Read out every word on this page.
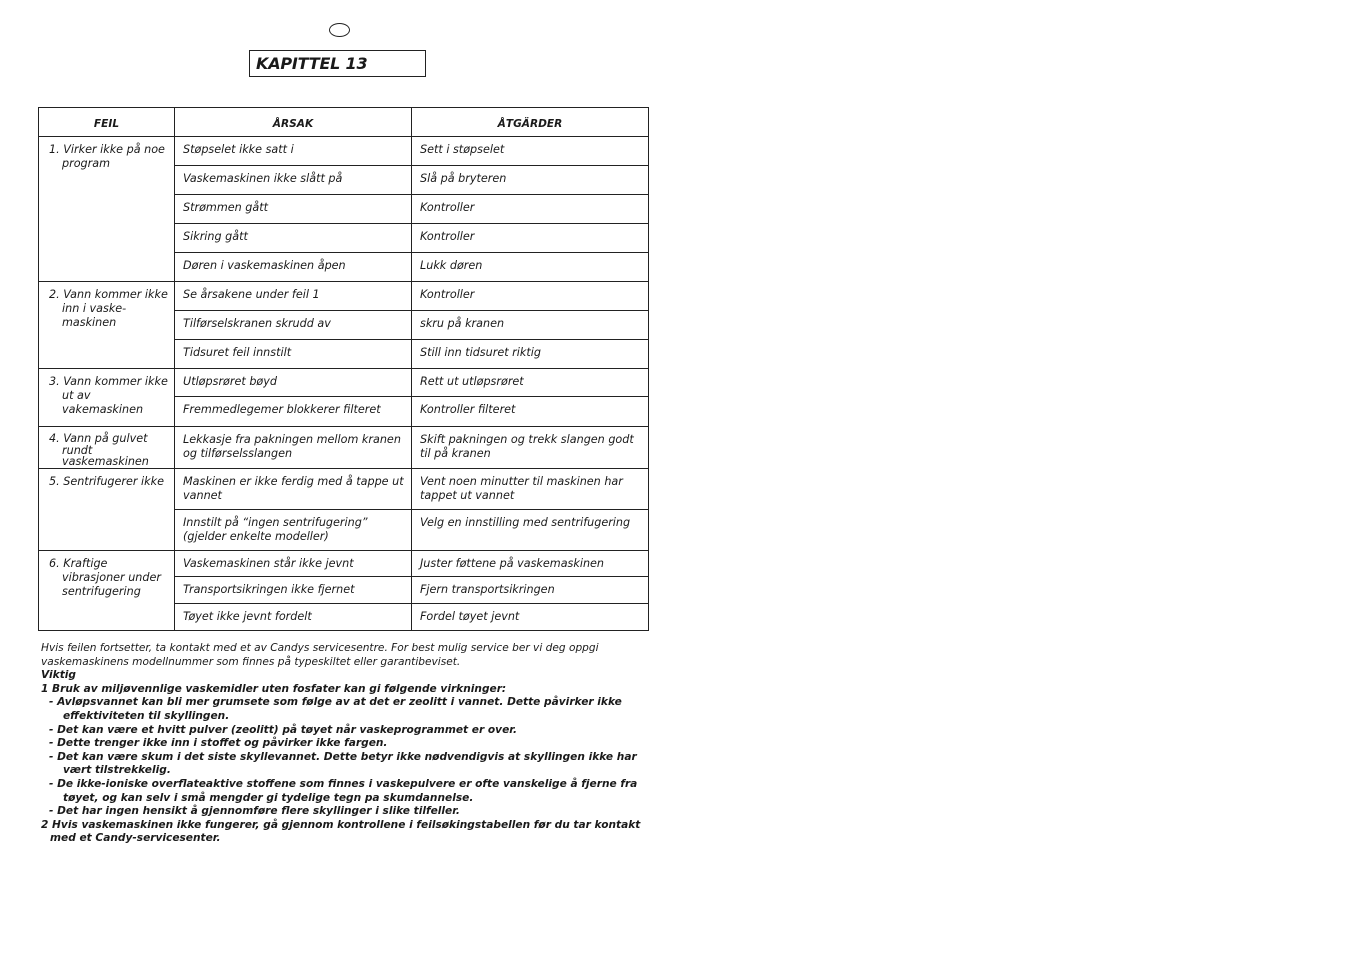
KAPITTEL 13
FEIL	ÅRSAK	ÅTGÄRDER

1. Virker ikke på noe program	Støpselet ikke satt i	Sett i støpselet
	Vaskemaskinen ikke slått på	Slå på bryteren
	Strømmen gått	Kontroller
	Sikring gått	Kontroller
	Døren i vaskemaskinen åpen	Lukk døren

2. Vann kommer ikke inn i vaske-maskinen	Se årsakene under feil 1	Kontroller
	Tilførselskranen skrudd av	skru på kranen
	Tidsuret feil innstilt	Still inn tidsuret riktig

3. Vann kommer ikke ut av vakemaskinen	Utløpsrøret bøyd	Rett ut utløpsrøret
	Fremmedlegemer blokkerer filteret	Kontroller filteret

4. Vann på gulvet rundt vaskemaskinen	Lekkasje fra pakningen mellom kranen og tilførselsslangen	Skift pakningen og trekk slangen godt til på kranen

5. Sentrifugerer ikke	Maskinen er ikke ferdig med å tappe ut vannet	Vent noen minutter til maskinen har tappet ut vannet
	Innstilt på “ingen sentrifugering” (gjelder enkelte modeller)	Velg en innstilling med sentrifugering

6. Kraftige vibrasjoner under sentrifugering	Vaskemaskinen står ikke jevnt	Juster føttene på vaskemaskinen
	Transportsikringen ikke fjernet	Fjern transportsikringen
	Tøyet ikke jevnt fordelt	Fordel tøyet jevnt

Hvis feilen fortsetter, ta kontakt med et av Candys servicesentre. For best mulig service ber vi deg oppgi vaskemaskinens modellnummer som finnes på typeskiltet eller garantibeviset.

Viktig

1 Bruk av miljøvennlige vaskemidler uten fosfater kan gi følgende virkninger:

- Avløpsvannet kan bli mer grumsete som følge av at det er zeolitt i vannet. Dette påvirker ikke effektiviteten til skyllingen.
- Det kan være et hvitt pulver (zeolitt) på tøyet når vaskeprogrammet er over.
- Dette trenger ikke inn i stoffet og påvirker ikke fargen.
- Det kan være skum i det siste skyllevannet. Dette betyr ikke nødvendigvis at skyllingen ikke har vært tilstrekkelig.
- De ikke-ioniske overflateaktive stoffene som finnes i vaskepulvere er ofte vanskelige å fjerne fra tøyet, og kan selv i små mengder gi tydelige tegn pa skumdannelse.
- Det har ingen hensikt å gjennomføre flere skyllinger i slike tilfeller.

2 Hvis vaskemaskinen ikke fungerer, gå gjennom kontrollene i feilsøkingstabellen før du tar kontakt med et Candy-servicesenter.
